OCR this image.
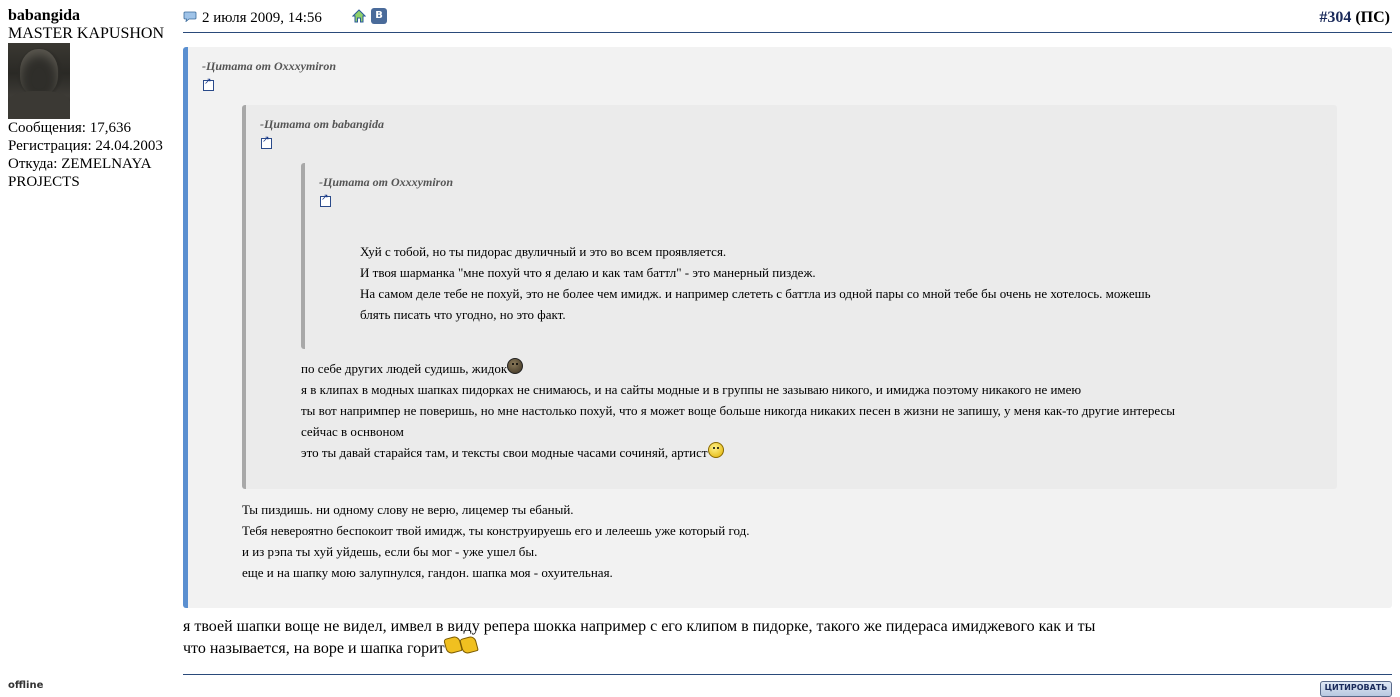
babangida
MASTER KAPUSHON
Сообщения: 17,636
Регистрация: 24.04.2003
Откуда: ZEMELNAYA
PROJECTS
offline
2 июля 2009, 14:56	В	#304 (ПС)
-Цитата от Oxxxymiron
↗
-Цитата от babangida
↗
-Цитата от Oxxxymiron
↗
Хуй с тобой, но ты пидорас двуличный и это во всем проявляется.
И твоя шарманка "мне похуй что я делаю и как там баттл" - это манерный пиздеж.
На самом деле тебе не похуй, это не более чем имидж. и например слететь с баттла из одной пары со мной тебе бы очень не хотелось. можешь
блять писать что угодно, но это факт.
по себе других людей судишь, жидок
я в клипах в модных шапках пидорках не снимаюсь, и на сайты модные и в группы не зазываю никого, и имиджа поэтому никакого не имею
ты вот напримпер не поверишь, но мне настолько похуй, что я может воще больше никогда никаких песен в жизни не запишу, у меня как-то другие интересы
сейчас в оснвоном
это ты давай старайся там, и тексты свои модные часами сочиняй, артист
Ты пиздишь. ни одному слову не верю, лицемер ты ебаный.
Тебя невероятно беспокоит твой имидж, ты конструируешь его и лелеешь уже который год.
и из рэпа ты хуй уйдешь, если бы мог - уже ушел бы.
еще и на шапку мою залупнулся, гандон. шапка моя - охуительная.
я твоей шапки воще не видел, имвел в виду репера шокка например с его клипом в пидорке, такого же пидераса имиджевого как и ты
что называется, на воре и шапка горит
ЦИТИРОВАТЬ
